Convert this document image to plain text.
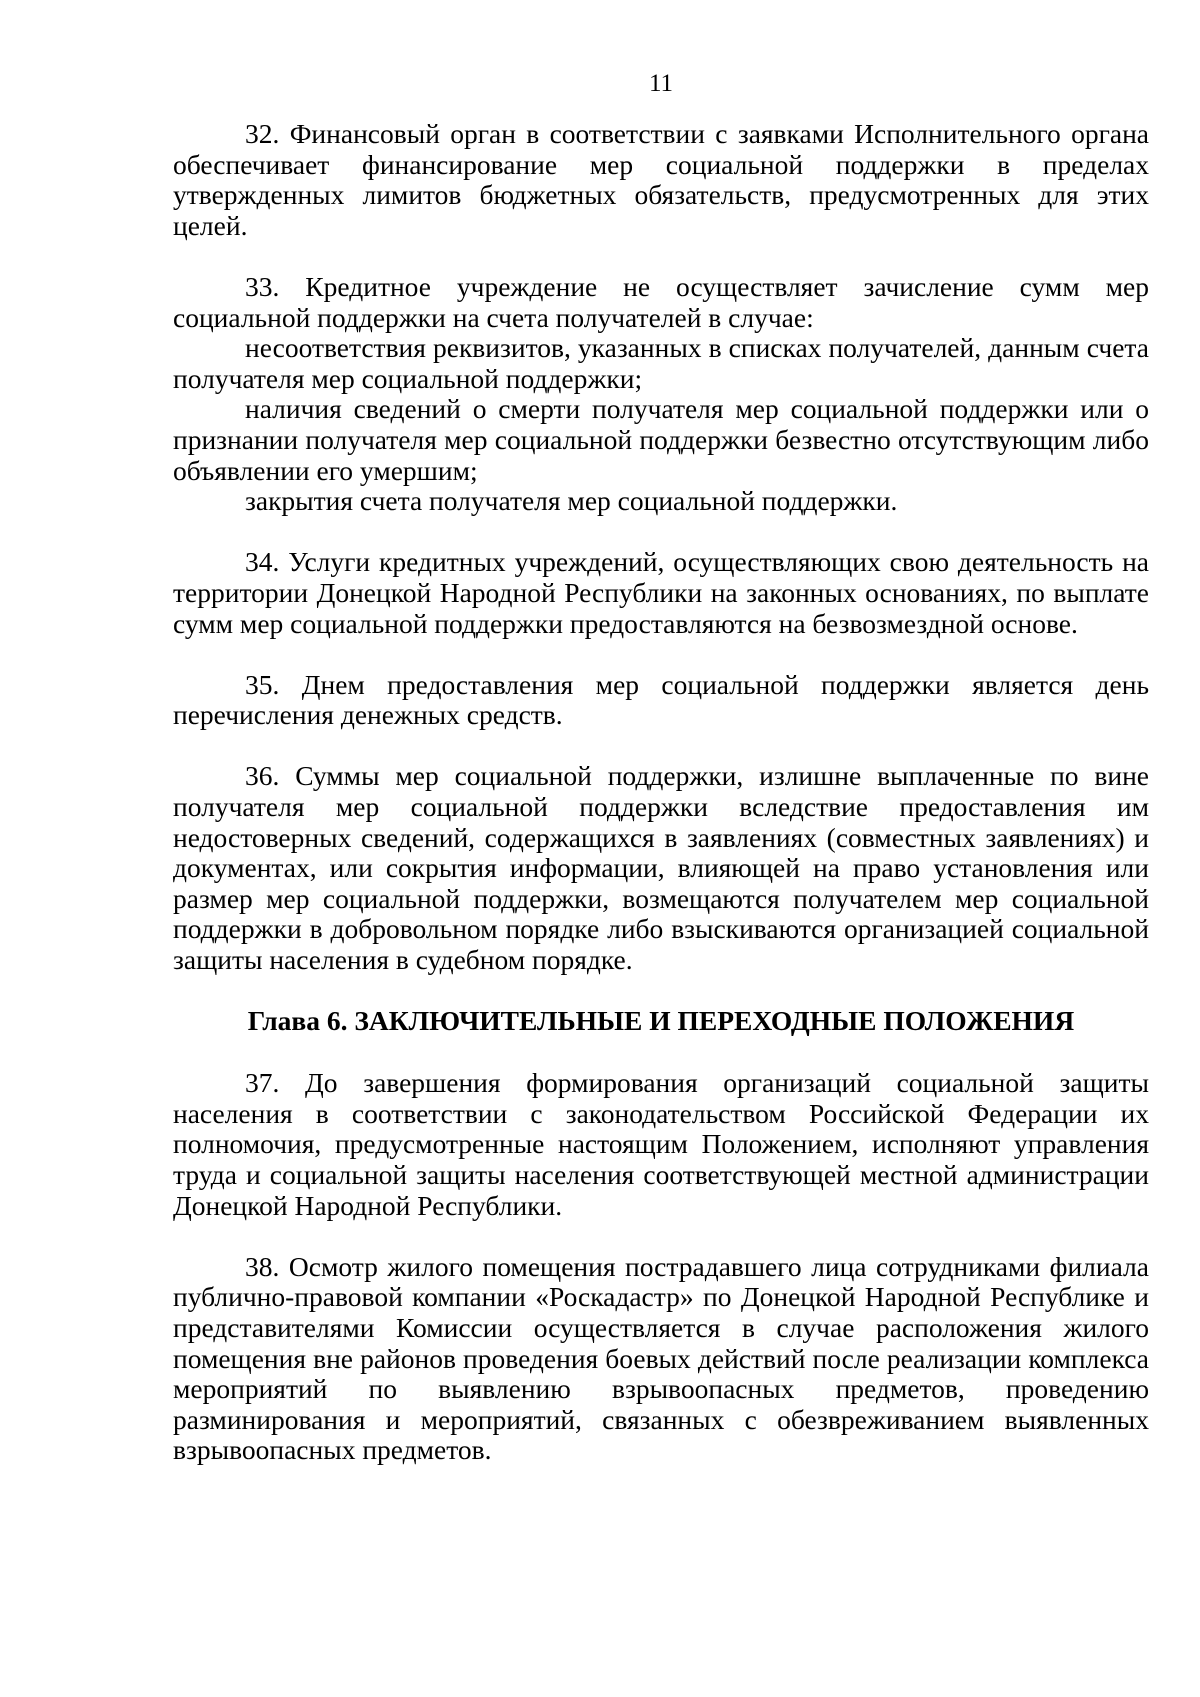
11

32. Финансовый орган в соответствии с заявками Исполнительного органа обеспечивает финансирование мер социальной поддержки в пределах утвержденных лимитов бюджетных обязательств, предусмотренных для этих целей.

33. Кредитное учреждение не осуществляет зачисление сумм мер социальной поддержки на счета получателей в случае:

несоответствия реквизитов, указанных в списках получателей, данным счета получателя мер социальной поддержки;

наличия сведений о смерти получателя мер социальной поддержки или о признании получателя мер социальной поддержки безвестно отсутствующим либо объявлении его умершим;

закрытия счета получателя мер социальной поддержки.

34. Услуги кредитных учреждений, осуществляющих свою деятельность на территории Донецкой Народной Республики на законных основаниях, по выплате сумм мер социальной поддержки предоставляются на безвозмездной основе.

35. Днем предоставления мер социальной поддержки является день перечисления денежных средств.

36. Суммы мер социальной поддержки, излишне выплаченные по вине получателя мер социальной поддержки вследствие предоставления им недостоверных сведений, содержащихся в заявлениях (совместных заявлениях) и документах, или сокрытия информации, влияющей на право установления или размер мер социальной поддержки, возмещаются получателем мер социальной поддержки в добровольном порядке либо взыскиваются организацией социальной защиты населения в судебном порядке.

Глава 6. ЗАКЛЮЧИТЕЛЬНЫЕ И ПЕРЕХОДНЫЕ ПОЛОЖЕНИЯ

37. До завершения формирования организаций социальной защиты населения в соответствии с законодательством Российской Федерации их полномочия, предусмотренные настоящим Положением, исполняют управления труда и социальной защиты населения соответствующей местной администрации Донецкой Народной Республики.

38. Осмотр жилого помещения пострадавшего лица сотрудниками филиала публично-правовой компании «Роскадастр» по Донецкой Народной Республике и представителями Комиссии осуществляется в случае расположения жилого помещения вне районов проведения боевых действий после реализации комплекса мероприятий по выявлению взрывоопасных предметов, проведению разминирования и мероприятий, связанных с обезвреживанием выявленных взрывоопасных предметов.
